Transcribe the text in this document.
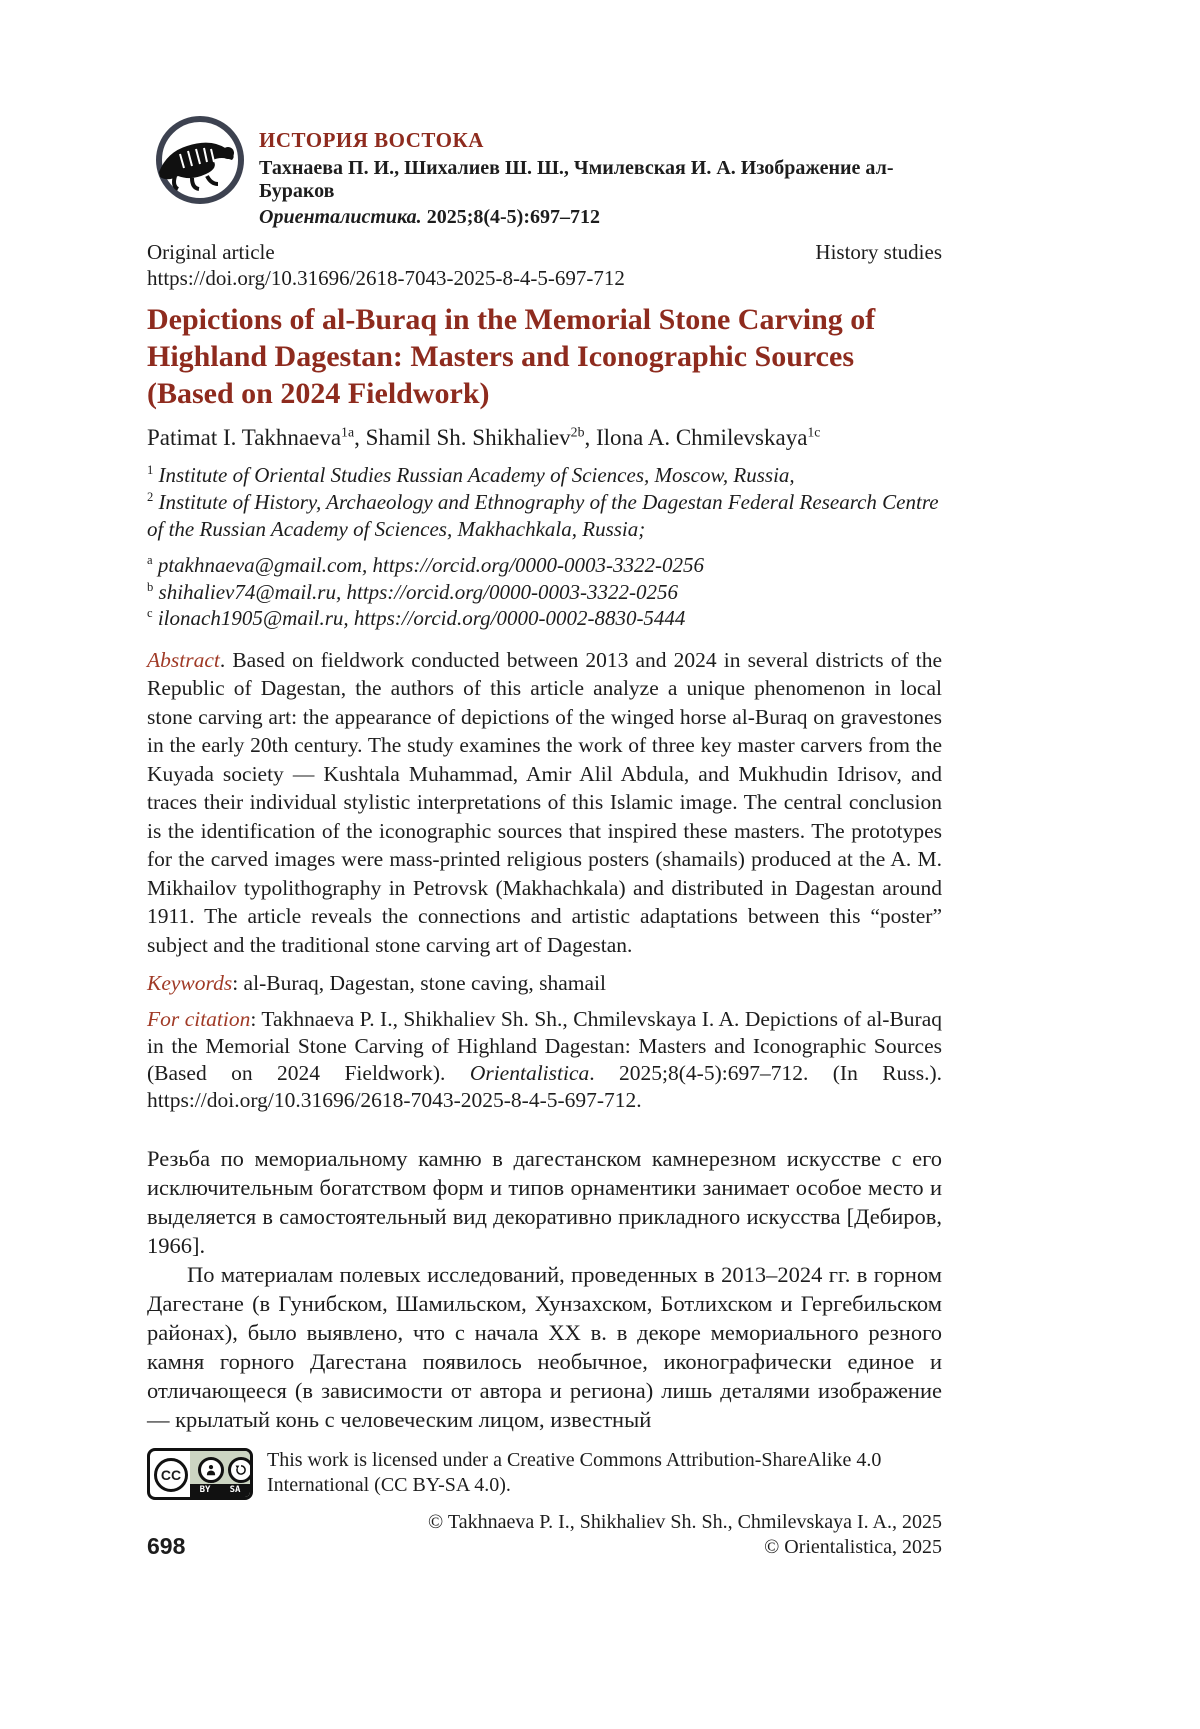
ИСТОРИЯ ВОСТОКА
Тахнаева П. И., Шихалиев Ш. Ш., Чмилевская И. А. Изображение ал-Бураков
Ориенталистика. 2025;8(4-5):697–712
Original article	History studies
https://doi.org/10.31696/2618-7043-2025-8-4-5-697-712
Depictions of al-Buraq in the Memorial Stone Carving of Highland Dagestan: Masters and Iconographic Sources (Based on 2024 Fieldwork)

Patimat I. Takhnaeva$^{1a}$, Shamil Sh. Shikhaliev$^{2b}$, Ilona A. Chmilevskaya$^{1c}$

$^1$ Institute of Oriental Studies Russian Academy of Sciences, Moscow, Russia,

$^2$ Institute of History, Archaeology and Ethnography of the Dagestan Federal Research Centre of the Russian Academy of Sciences, Makhachkala, Russia;

$^a$ ptakhnaeva@gmail.com, https://orcid.org/0000-0003-3322-0256

$^b$ shihaliev74@mail.ru, https://orcid.org/0000-0003-3322-0256

$^c$ ilonach1905@mail.ru, https://orcid.org/0000-0002-8830-5444

Abstract. Based on fieldwork conducted between 2013 and 2024 in several districts of the Republic of Dagestan, the authors of this article analyze a unique phenomenon in local stone carving art: the appearance of depictions of the winged horse al-Buraq on gravestones in the early 20th century. The study examines the work of three key master carvers from the Kuyada society — Kushtala Muhammad, Amir Alil Abdula, and Mukhudin Idrisov, and traces their individual stylistic interpretations of this Islamic image. The central conclusion is the identification of the iconographic sources that inspired these masters. The prototypes for the carved images were mass-printed religious posters (shamails) produced at the A. M. Mikhailov typolithography in Petrovsk (Makhachkala) and distributed in Dagestan around 1911. The article reveals the connections and artistic adaptations between this “poster” subject and the traditional stone carving art of Dagestan.

Keywords: al-Buraq, Dagestan, stone caving, shamail

For citation: Takhnaeva P. I., Shikhaliev Sh. Sh., Chmilevskaya I. A. Depictions of al-Buraq in the Memorial Stone Carving of Highland Dagestan: Masters and Iconographic Sources (Based on 2024 Fieldwork). Orientalistica. 2025;8(4-5):697–712. (In Russ.). https://doi.org/10.31696/2618-7043-2025-8-4-5-697-712.

Резьба по мемориальному камню в дагестанском камнерезном искусстве с его исключительным богатством форм и типов орнаментики занимает особое место и выделяется в самостоятельный вид декоративно прикладного искусства [Дебиров, 1966].

По материалам полевых исследований, проведенных в 2013–2024 гг. в горном Дагестане (в Гунибском, Шамильском, Хунзахском, Ботлихском и Гергебильском районах), было выявлено, что с начала XX в. в декоре мемориального резного камня горного Дагестана появилось необычное, иконографически единое и отличающееся (в зависимости от автора и региона) лишь деталями изображение — крылатый конь с человеческим лицом, известный

BY SA
CC

This work is licensed under a Creative Commons Attribution-ShareAlike 4.0 International (CC BY-SA 4.0).

698
© Takhnaeva P. I., Shikhaliev Sh. Sh., Chmilevskaya I. A., 2025
© Orientalistica, 2025
